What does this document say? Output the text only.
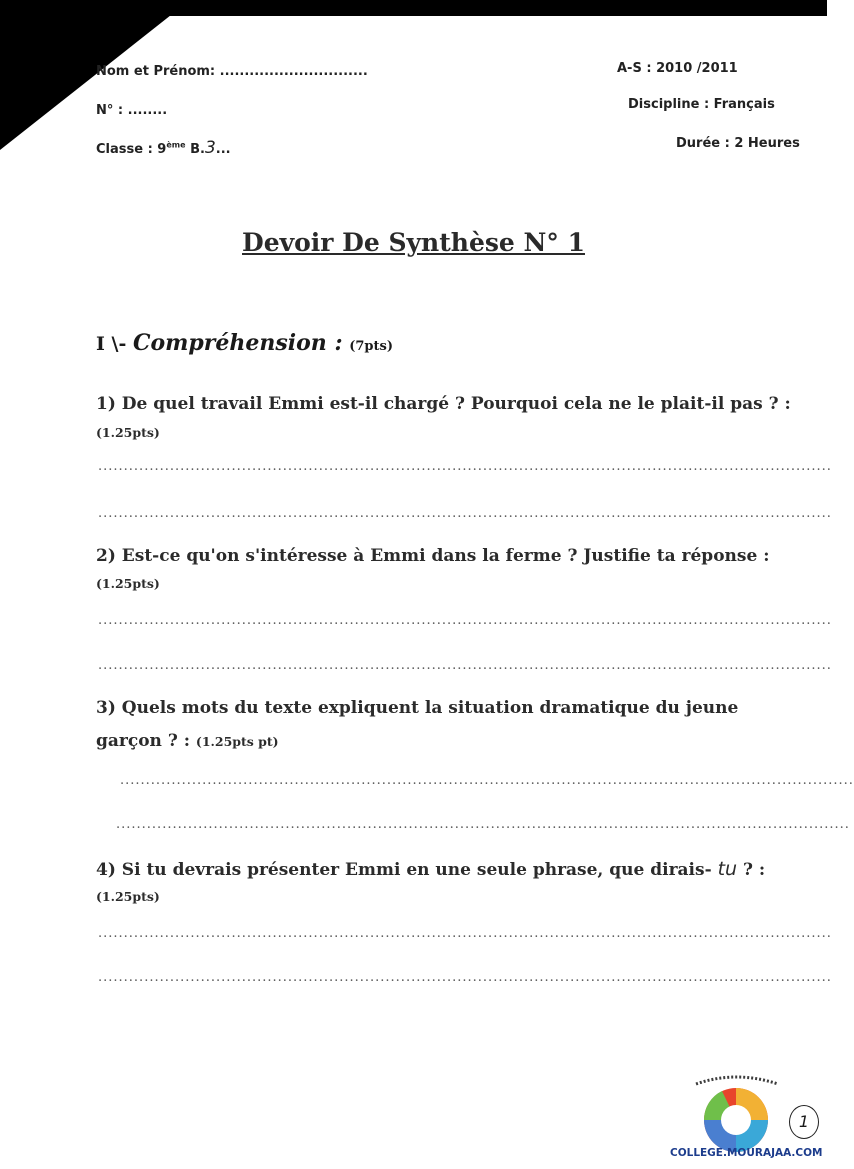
Nom et Prénom: ..............................
N° : ........
Classe : 9ème B.3...
A-S : 2010 /2011
Discipline : Français
Durée : 2 Heures
Devoir De Synthèse N° 1
I \- Compréhension : (7pts)
1) De quel travail Emmi est-il chargé ? Pourquoi cela ne le plait-il pas ? :
(1.25pts)
...............................................................................................................................................
...............................................................................................................................................
2) Est-ce qu'on s'intéresse à Emmi dans la ferme ? Justifie ta réponse :
(1.25pts)
...............................................................................................................................................
...............................................................................................................................................
3) Quels mots du texte expliquent la situation dramatique du jeune
garçon ? : (1.25pts pt)
...............................................................................................................................................
...............................................................................................................................................
4) Si tu devrais présenter Emmi en une seule phrase, que dirais- tu ? :
(1.25pts)
...............................................................................................................................................
...............................................................................................................................................
COLLEGE.MOURAJAA.COM
1
